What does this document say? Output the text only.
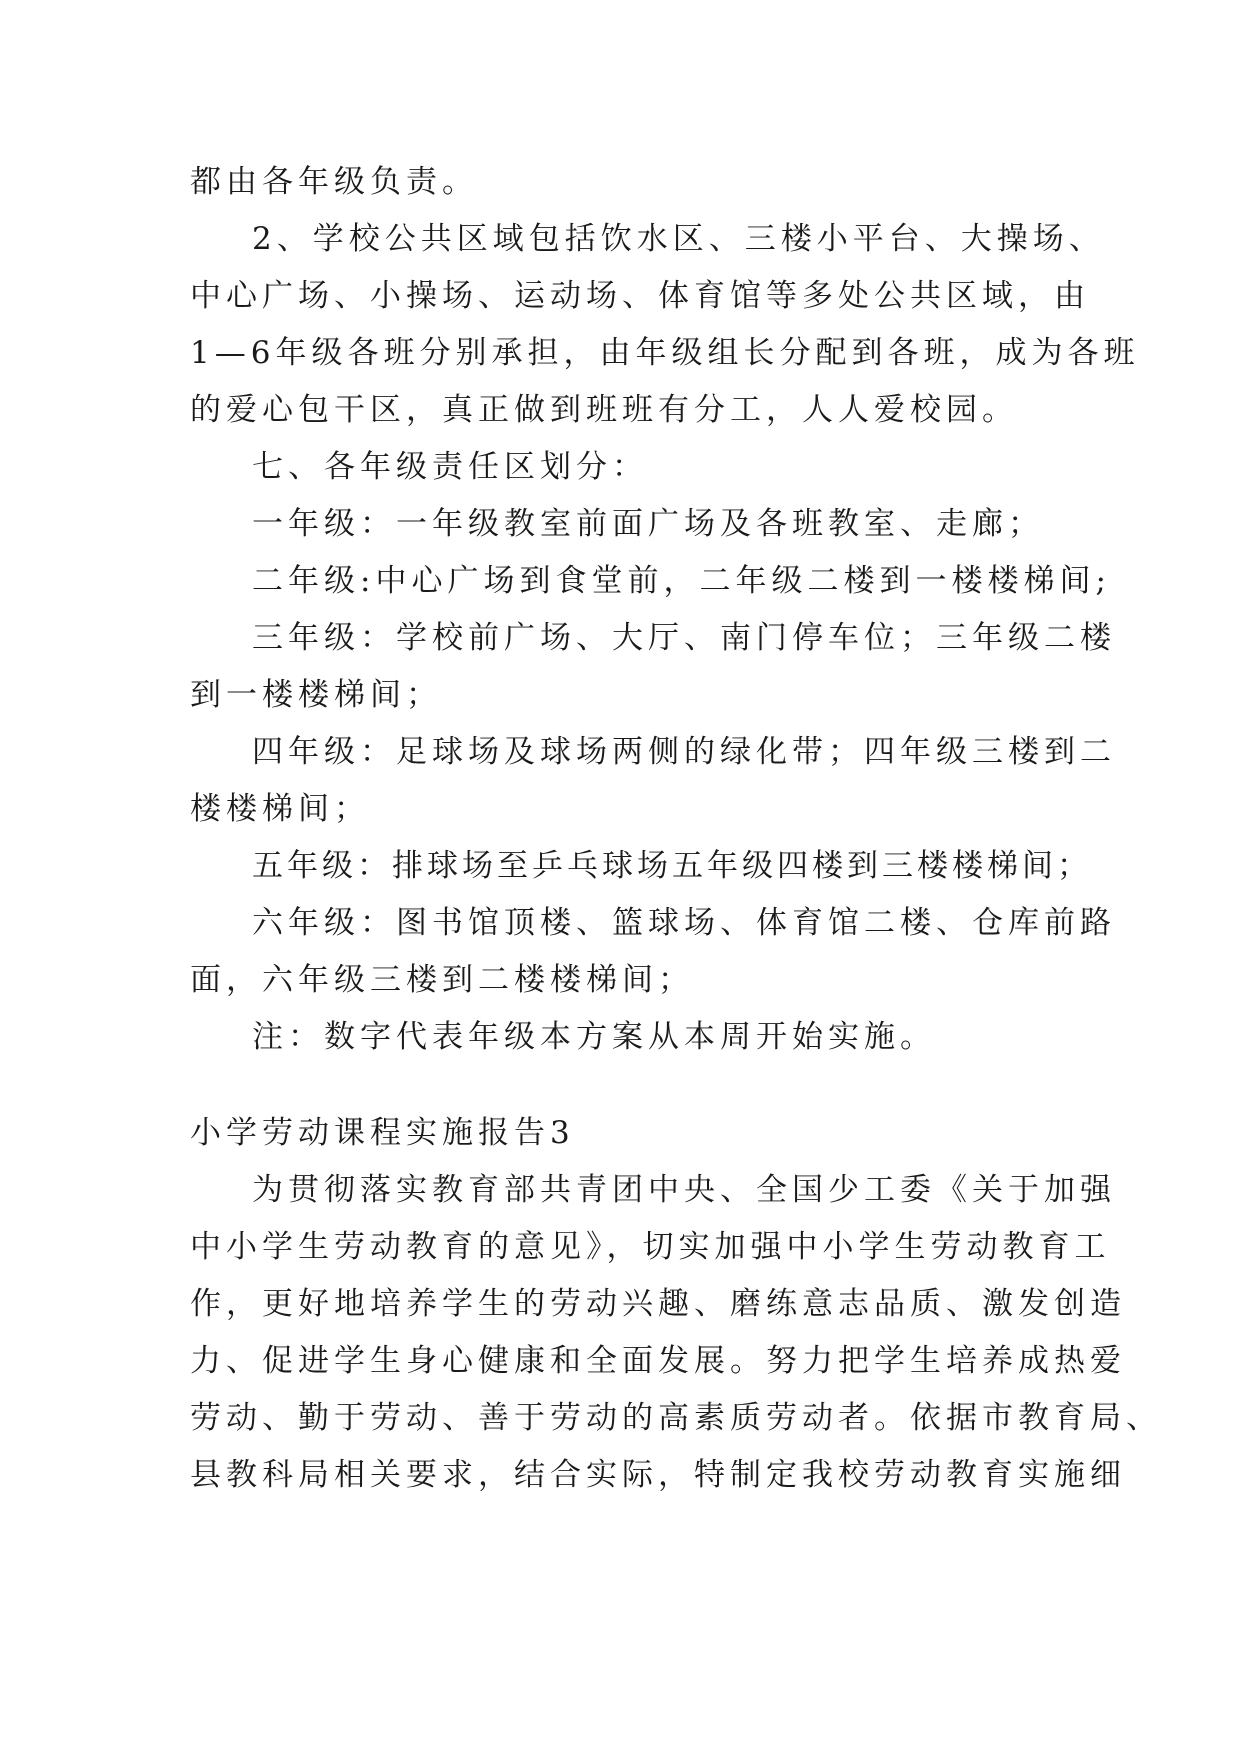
都由各年级负责。
2、学校公共区域包括饮水区、三楼小平台、大操场、
中心广场、小操场、运动场、体育馆等多处公共区域，由
1—6年级各班分别承担，由年级组长分配到各班，成为各班
的爱心包干区，真正做到班班有分工，人人爱校园。
七、各年级责任区划分：
一年级：一年级教室前面广场及各班教室、走廊；
二年级:中心广场到食堂前，二年级二楼到一楼楼梯间;
三年级：学校前广场、大厅、南门停车位；三年级二楼
到一楼楼梯间；
四年级：足球场及球场两侧的绿化带；四年级三楼到二
楼楼梯间；
五年级：排球场至乒乓球场五年级四楼到三楼楼梯间；
六年级：图书馆顶楼、篮球场、体育馆二楼、仓库前路
面，六年级三楼到二楼楼梯间；
注：数字代表年级本方案从本周开始实施。
小学劳动课程实施报告3
为贯彻落实教育部共青团中央、全国少工委《关于加强
中小学生劳动教育的意见》，切实加强中小学生劳动教育工
作，更好地培养学生的劳动兴趣、磨练意志品质、激发创造
力、促进学生身心健康和全面发展。努力把学生培养成热爱
劳动、勤于劳动、善于劳动的高素质劳动者。依据市教育局、
县教科局相关要求，结合实际，特制定我校劳动教育实施细
